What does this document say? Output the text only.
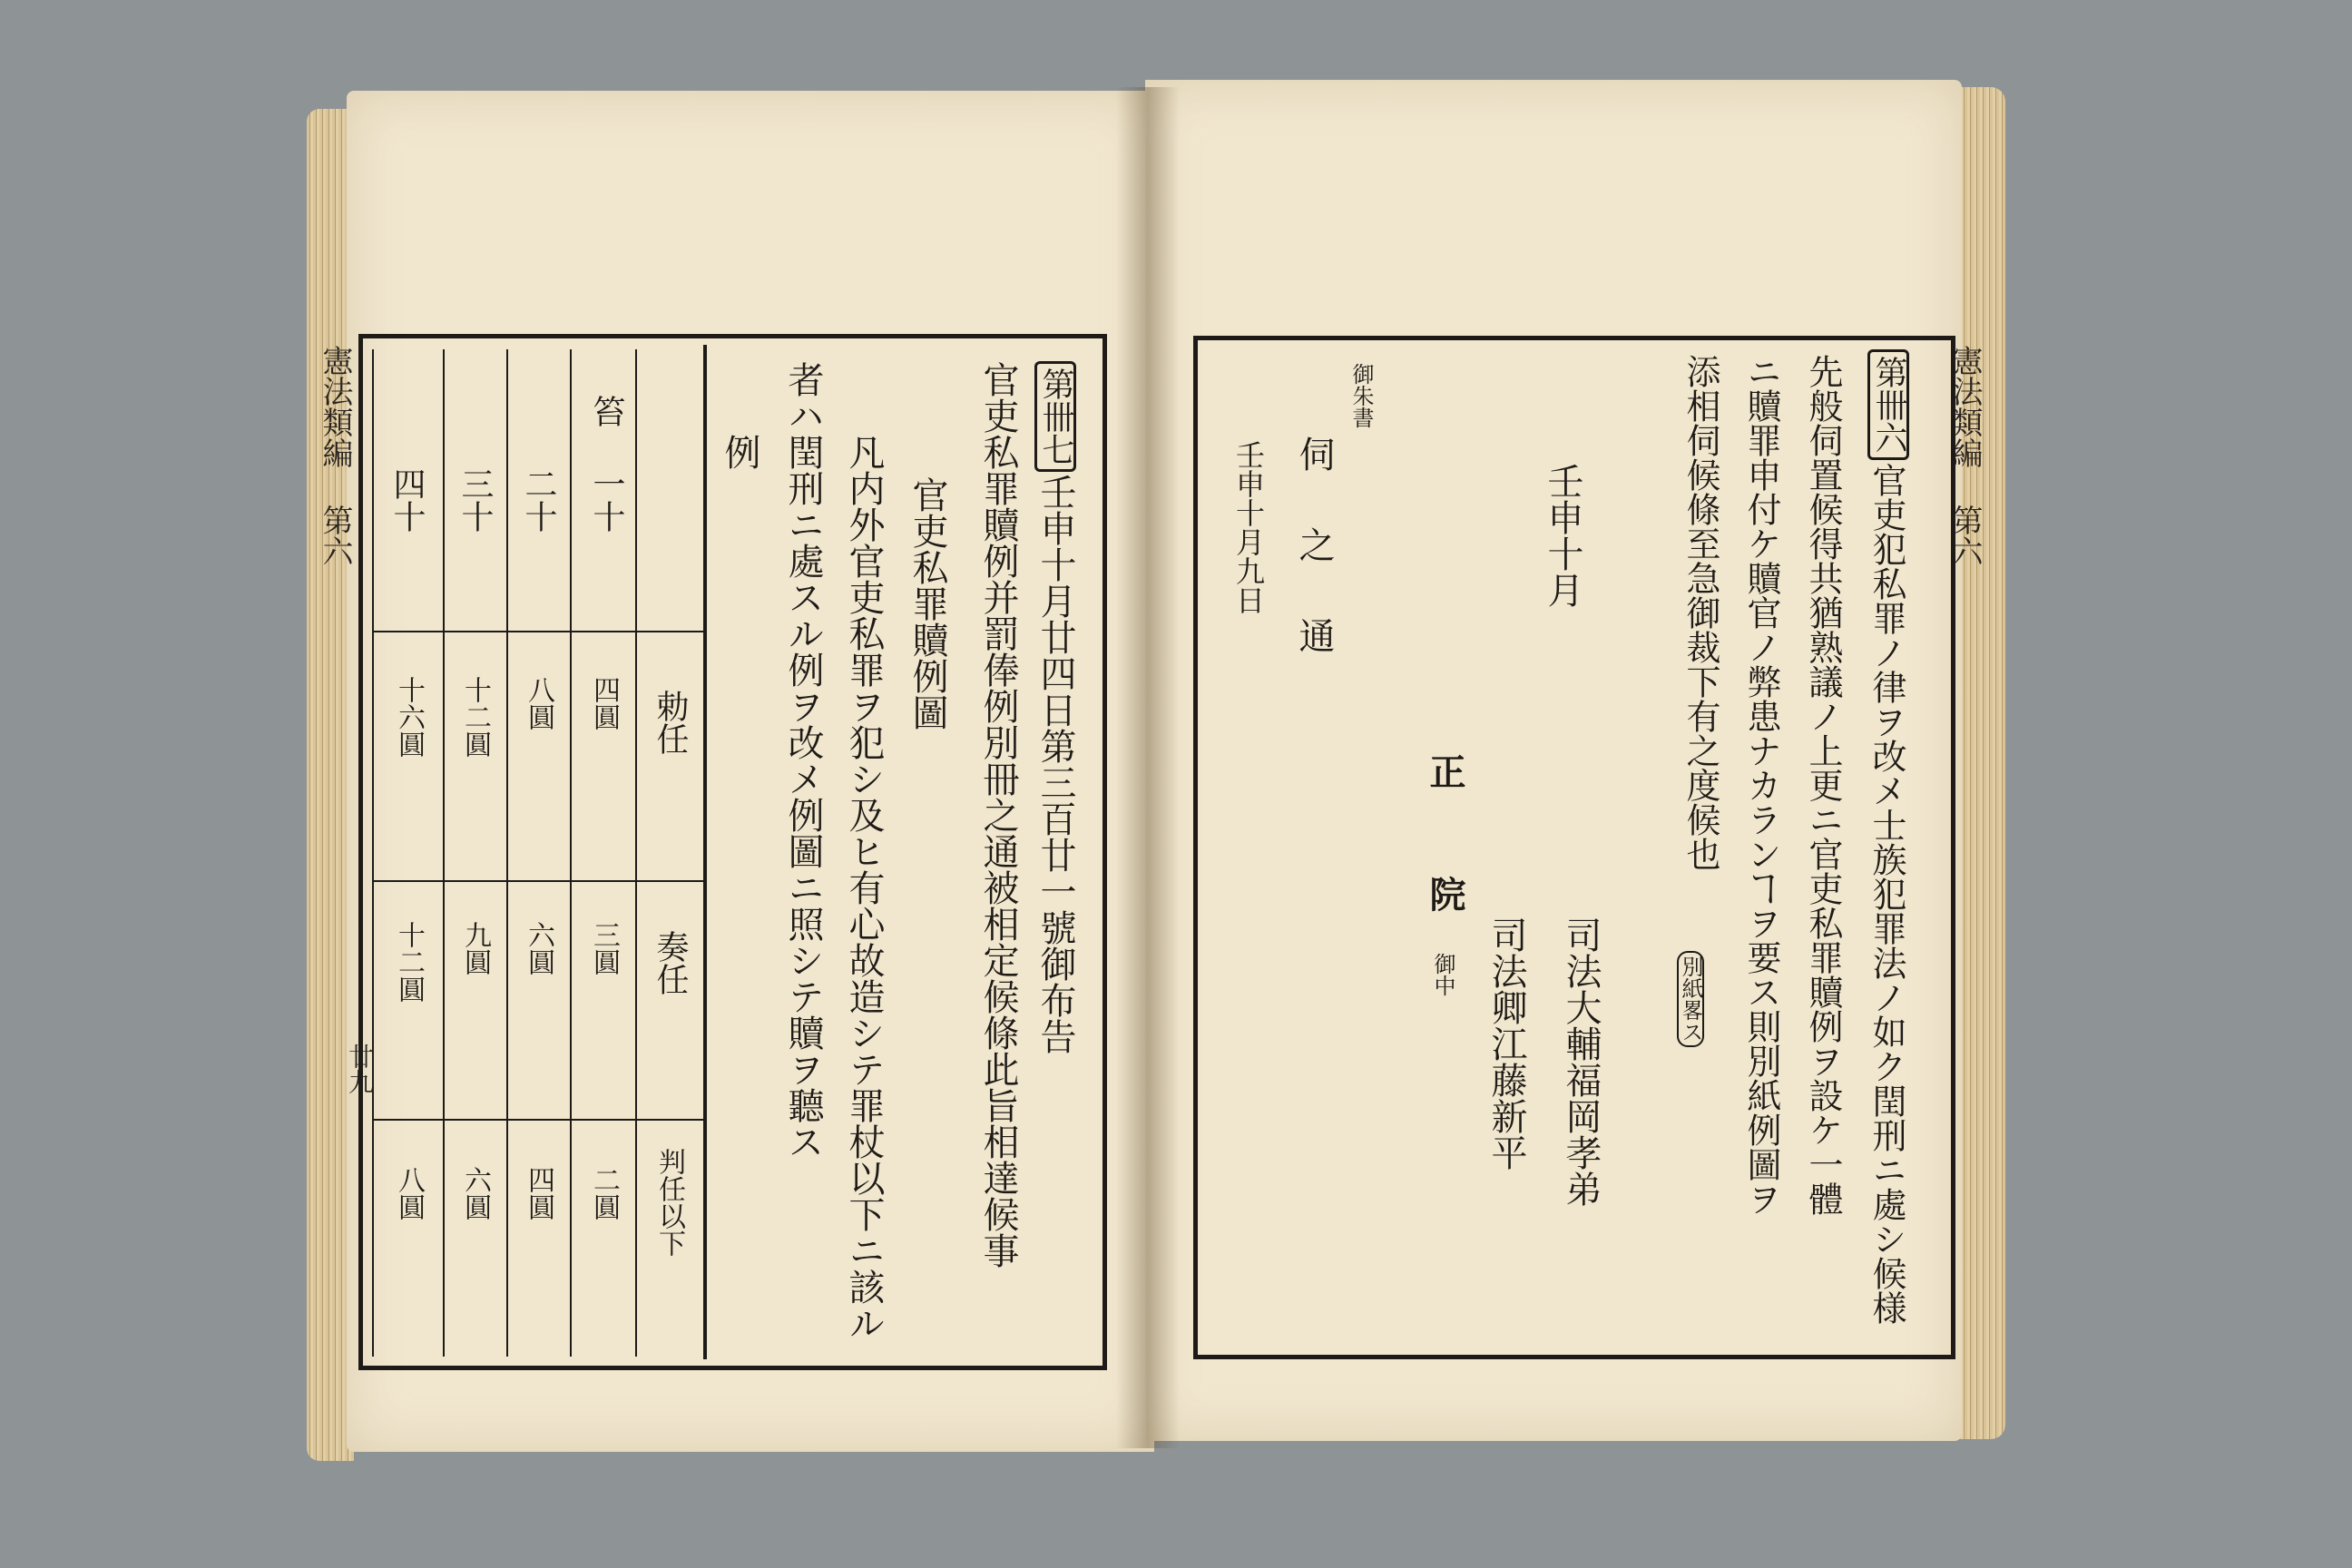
憲法類編 第六
廿九
憲法類編 第六
第卌七
壬申十月廿四日第三百廿一號御布告
官吏私罪贖例并罰俸例別冊之通被相定候條此旨相達候事
官吏私罪贖例圖
凡内外官吏私罪ヲ犯シ及ヒ有心故造シテ罪杖以下ニ該ル
者ハ閏刑ニ處スル例ヲ改メ例圖ニ照シテ贖ヲ聽ス
例
笞
一十
二十
三十
四十
勅任
奏任
判任以下
四圓
八圓
十二圓
十六圓
三圓
六圓
九圓
十二圓
二圓
四圓
六圓
八圓
第卌六
官吏犯私罪ノ律ヲ改メ士族犯罪法ノ如ク閏刑ニ處シ候様
先般伺置候得共猶熟議ノ上更ニ官吏私罪贖例ヲ設ケ一體
ニ贖罪申付ケ贖官ノ弊患ナカランヿヲ要ス則別紙例圖ヲ
添相伺候條至急御裁下有之度候也
別紙畧ス
壬申十月
司法大輔福岡孝弟
司法卿江藤新平
正
院
御中
御朱書
伺之通
壬申十月九日
